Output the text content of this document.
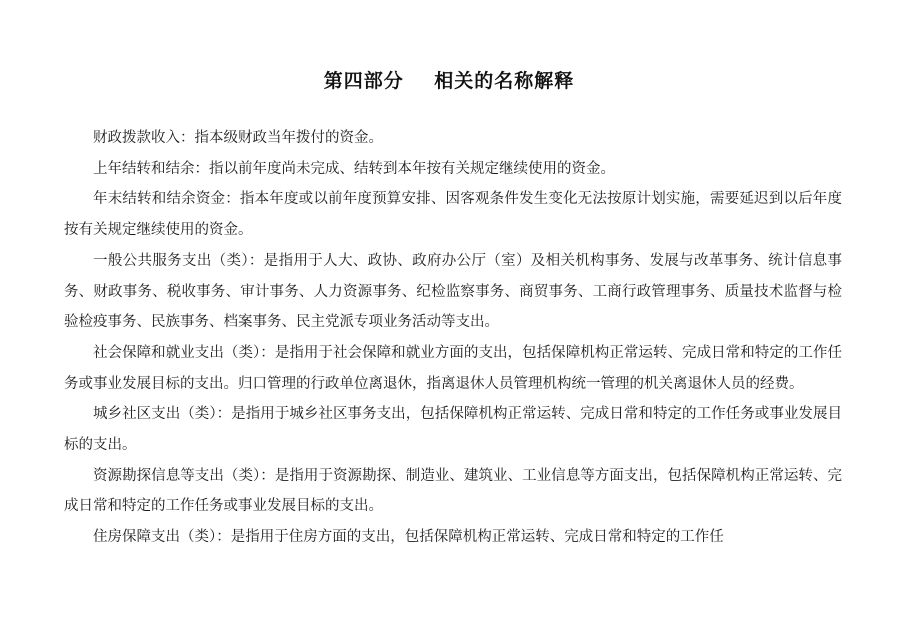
第四部分    相关的名称解释

财政拨款收入：指本级财政当年拨付的资金。

上年结转和结余：指以前年度尚未完成、结转到本年按有关规定继续使用的资金。

年末结转和结余资金：指本年度或以前年度预算安排、因客观条件发生变化无法按原计划实施，需要延迟到以后年度按有关规定继续使用的资金。

一般公共服务支出（类）：是指用于人大、政协、政府办公厅（室）及相关机构事务、发展与改革事务、统计信息事务、财政事务、税收事务、审计事务、人力资源事务、纪检监察事务、商贸事务、工商行政管理事务、质量技术监督与检验检疫事务、民族事务、档案事务、民主党派专项业务活动等支出。

社会保障和就业支出（类）：是指用于社会保障和就业方面的支出，包括保障机构正常运转、完成日常和特定的工作任务或事业发展目标的支出。归口管理的行政单位离退休，指离退休人员管理机构统一管理的机关离退休人员的经费。

城乡社区支出（类）：是指用于城乡社区事务支出，包括保障机构正常运转、完成日常和特定的工作任务或事业发展目标的支出。

资源勘探信息等支出（类）：是指用于资源勘探、制造业、建筑业、工业信息等方面支出，包括保障机构正常运转、完成日常和特定的工作任务或事业发展目标的支出。

住房保障支出（类）：是指用于住房方面的支出，包括保障机构正常运转、完成日常和特定的工作任
